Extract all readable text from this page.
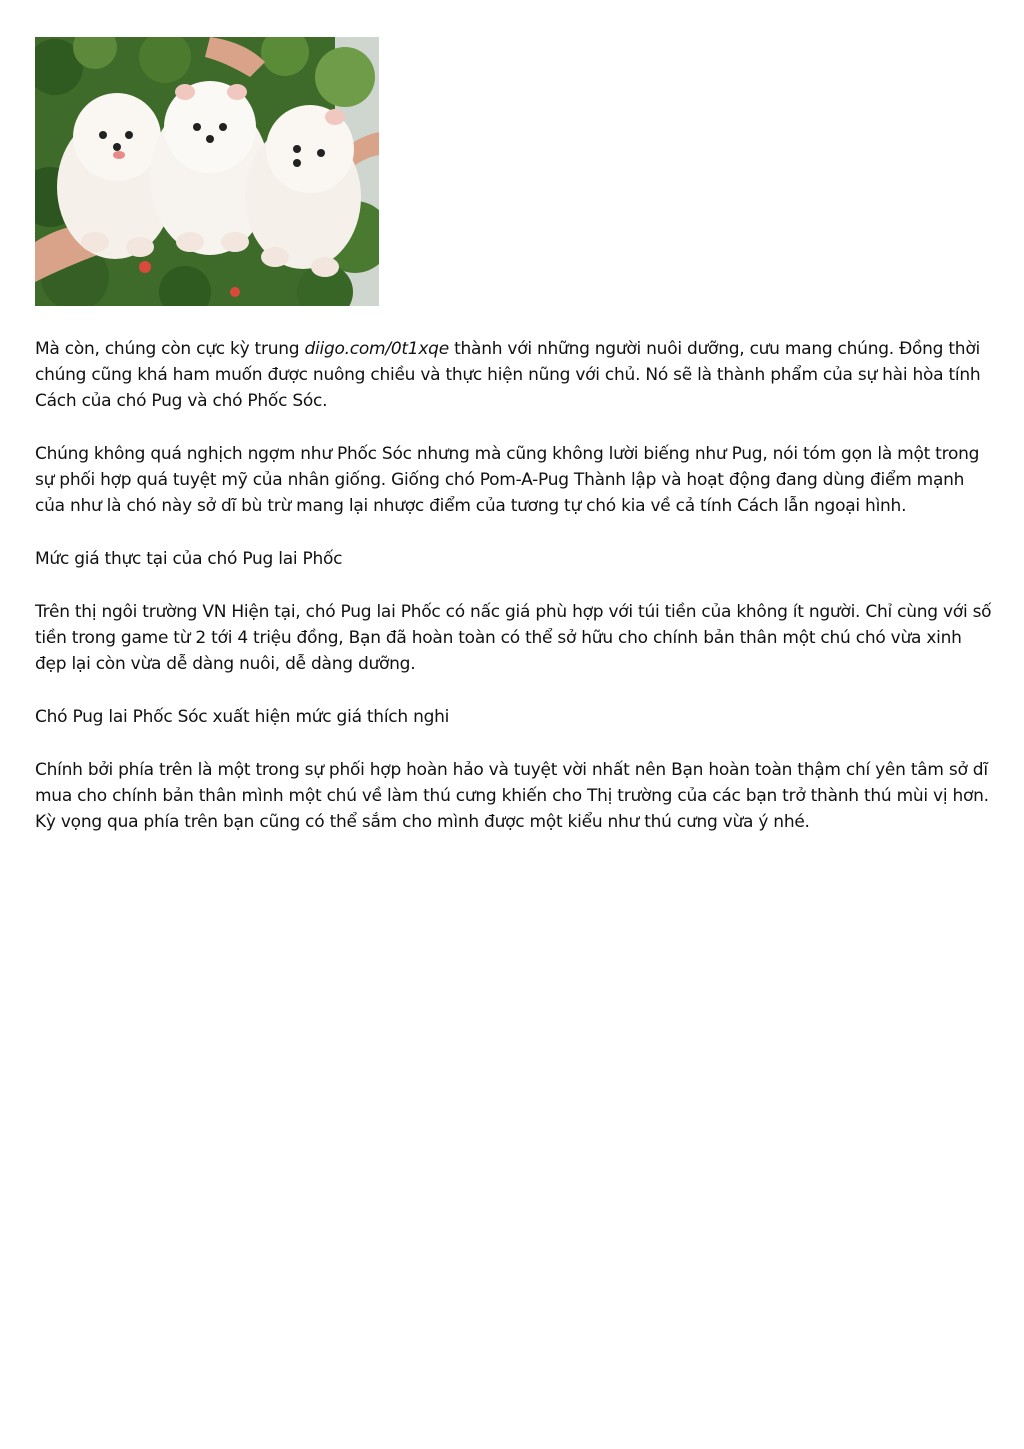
Mà còn, chúng còn cực kỳ trung diigo.com/0t1xqe thành với những người nuôi dưỡng, cưu mang chúng. Đồng thời chúng cũng khá ham muốn được nuông chiều và thực hiện nũng với chủ. Nó sẽ là thành phẩm của sự hài hòa tính Cách của chó Pug và chó Phốc Sóc.

Chúng không quá nghịch ngợm như Phốc Sóc nhưng mà cũng không lười biếng như Pug, nói tóm gọn là một trong sự phối hợp quá tuyệt mỹ của nhân giống. Giống chó Pom-A-Pug Thành lập và hoạt động đang dùng điểm mạnh của như là chó này sở dĩ bù trừ mang lại nhược điểm của tương tự chó kia về cả tính Cách lẫn ngoại hình.

Mức giá thực tại của chó Pug lai Phốc

Trên thị ngôi trường VN Hiện tại, chó Pug lai Phốc có nấc giá phù hợp với túi tiền của không ít người. Chỉ cùng với số tiền trong game từ 2 tới 4 triệu đồng, Bạn đã hoàn toàn có thể sở hữu cho chính bản thân một chú chó vừa xinh đẹp lại còn vừa dễ dàng nuôi, dễ dàng dưỡng.

Chó Pug lai Phốc Sóc xuất hiện mức giá thích nghi

Chính bởi phía trên là một trong sự phối hợp hoàn hảo và tuyệt vời nhất nên Bạn hoàn toàn thậm chí yên tâm sở dĩ mua cho chính bản thân mình một chú về làm thú cưng khiến cho Thị trường của các bạn trở thành thú mùi vị hơn. Kỳ vọng qua phía trên bạn cũng có thể sắm cho mình được một kiểu như thú cưng vừa ý nhé.
